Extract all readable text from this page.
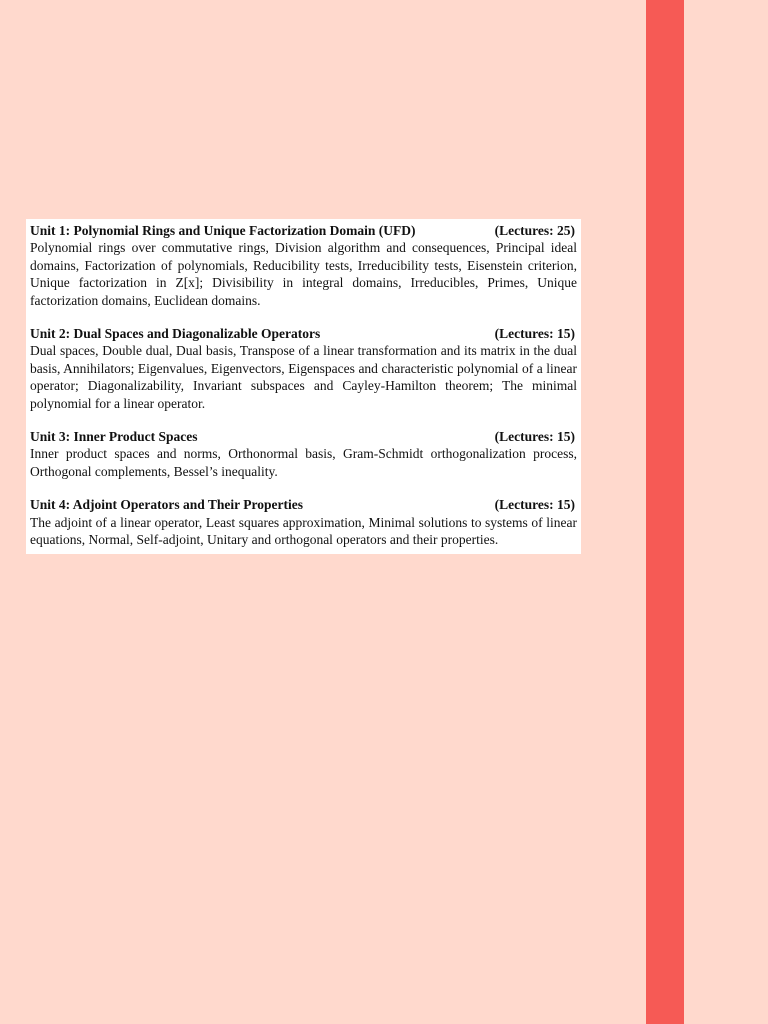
Unit 1: Polynomial Rings and Unique Factorization Domain (UFD)	(Lectures: 25)
Polynomial rings over commutative rings, Division algorithm and consequences, Principal ideal domains, Factorization of polynomials, Reducibility tests, Irreducibility tests, Eisenstein criterion, Unique factorization in Z[x]; Divisibility in integral domains, Irreducibles, Primes, Unique factorization domains, Euclidean domains.
Unit 2: Dual Spaces and Diagonalizable Operators	(Lectures: 15)
Dual spaces, Double dual, Dual basis, Transpose of a linear transformation and its matrix in the dual basis, Annihilators; Eigenvalues, Eigenvectors, Eigenspaces and characteristic polynomial of a linear operator; Diagonalizability, Invariant subspaces and Cayley-Hamilton theorem; The minimal polynomial for a linear operator.
Unit 3: Inner Product Spaces	(Lectures: 15)
Inner product spaces and norms, Orthonormal basis, Gram-Schmidt orthogonalization process, Orthogonal complements, Bessel’s inequality.
Unit 4: Adjoint Operators and Their Properties	(Lectures: 15)
The adjoint of a linear operator, Least squares approximation, Minimal solutions to systems of linear equations, Normal, Self-adjoint, Unitary and orthogonal operators and their properties.
